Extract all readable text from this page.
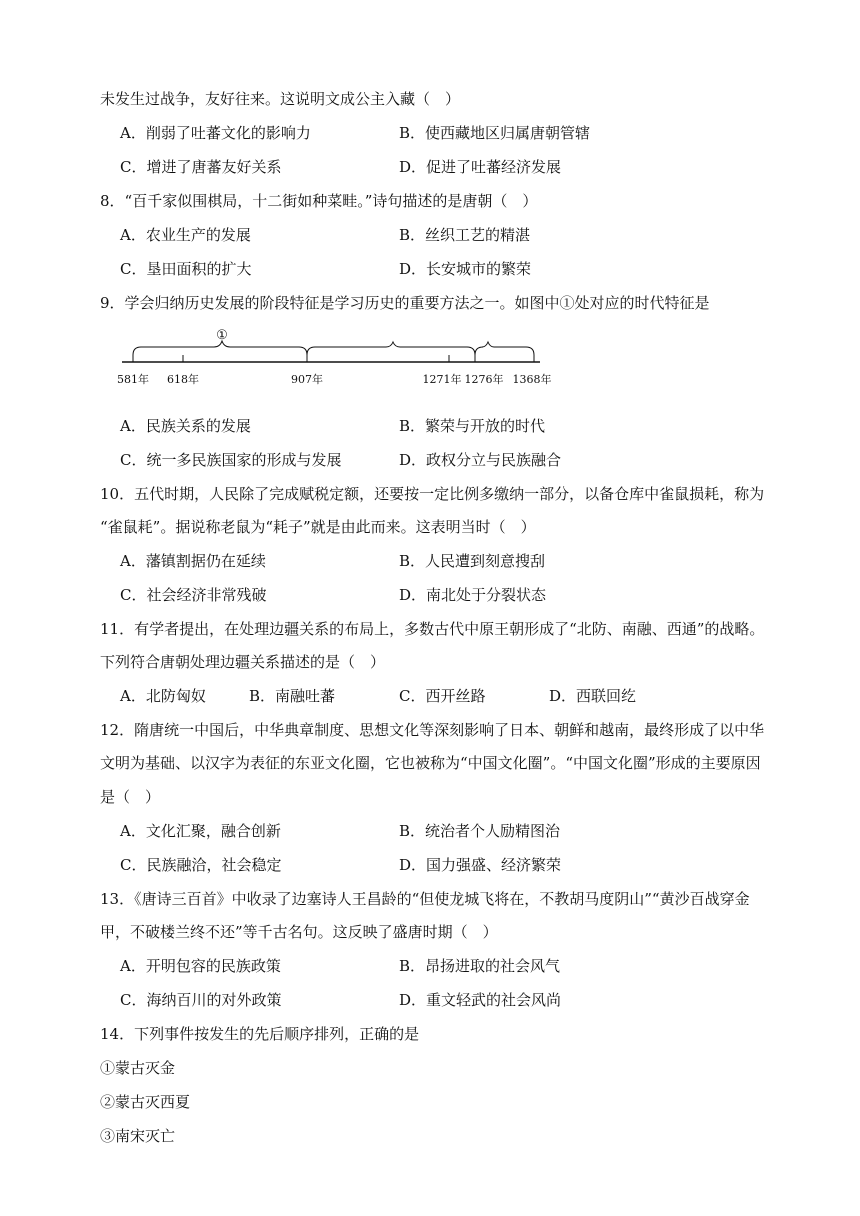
未发生过战争，友好往来。这说明文成公主入藏（　）
A．削弱了吐蕃文化的影响力	B．使西藏地区归属唐朝管辖
C．增进了唐蕃友好关系	D．促进了吐蕃经济发展
8．“百千家似围棋局，十二街如种菜畦。”诗句描述的是唐朝（　）
A．农业生产的发展	B．丝织工艺的精湛
C．垦田面积的扩大	D．长安城市的繁荣
9．学会归纳历史发展的阶段特征是学习历史的重要方法之一。如图中①处对应的时代特征是
①
581年 618年	907年	1271年 1276年 1368年
A．民族关系的发展	B．繁荣与开放的时代
C．统一多民族国家的形成与发展	D．政权分立与民族融合
10．五代时期，人民除了完成赋税定额，还要按一定比例多缴纳一部分，以备仓库中雀鼠损耗，称为
“雀鼠耗”。据说称老鼠为“耗子”就是由此而来。这表明当时（　）
A．藩镇割据仍在延续	B．人民遭到刻意搜刮
C．社会经济非常残破	D．南北处于分裂状态
11．有学者提出，在处理边疆关系的布局上，多数古代中原王朝形成了“北防、南融、西通”的战略。
下列符合唐朝处理边疆关系描述的是（　）
A．北防匈奴	B．南融吐蕃	C．西开丝路	D．西联回纥
12．隋唐统一中国后，中华典章制度、思想文化等深刻影响了日本、朝鲜和越南，最终形成了以中华
文明为基础、以汉字为表征的东亚文化圈，它也被称为“中国文化圈”。“中国文化圈”形成的主要原因
是（　）
A．文化汇聚，融合创新	B．统治者个人励精图治
C．民族融洽，社会稳定	D．国力强盛、经济繁荣
13．《唐诗三百首》中收录了边塞诗人王昌龄的“但使龙城飞将在，不教胡马度阴山”“黄沙百战穿金
甲，不破楼兰终不还”等千古名句。这反映了盛唐时期（　）
A．开明包容的民族政策	B．昂扬进取的社会风气
C．海纳百川的对外政策	D．重文轻武的社会风尚
14．下列事件按发生的先后顺序排列，正确的是
①蒙古灭金
②蒙古灭西夏
③南宋灭亡
